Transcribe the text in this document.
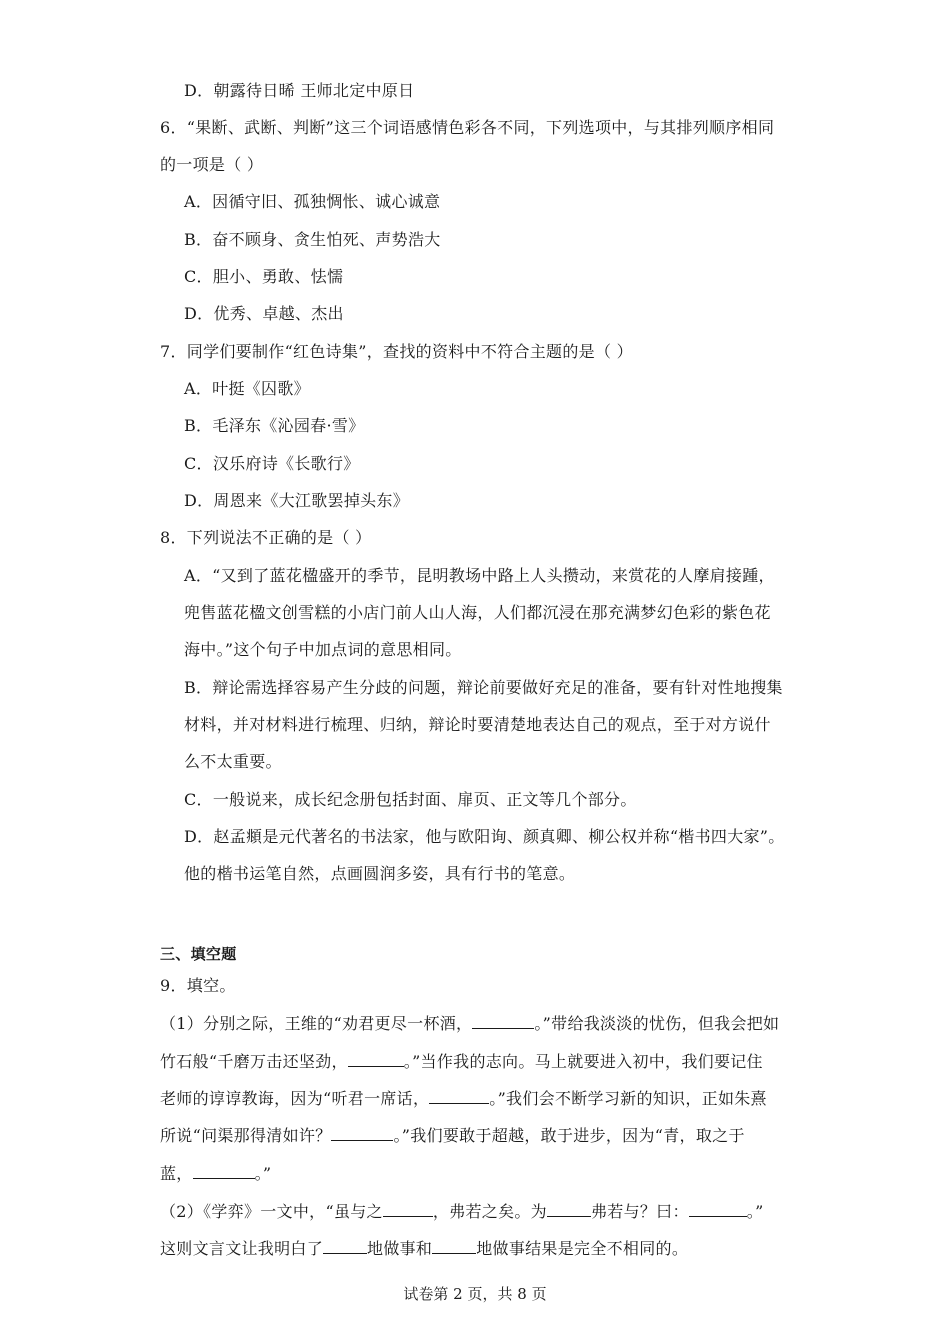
D．朝露待日晞 王师北定中原日
6．“果断、武断、判断”这三个词语感情色彩各不同，下列选项中，与其排列顺序相同
的一项是（ ）
A．因循守旧、孤独惆怅、诚心诚意
B．奋不顾身、贪生怕死、声势浩大
C．胆小、勇敢、怯懦
D．优秀、卓越、杰出
7．同学们要制作“红色诗集”，查找的资料中不符合主题的是（ ）
A．叶挺《囚歌》
B．毛泽东《沁园春·雪》
C．汉乐府诗《长歌行》
D．周恩来《大江歌罢掉头东》
8．下列说法不正确的是（ ）
A．“又到了蓝花楹盛开的季节，昆明教场中路上人头攒动，来赏花的人摩肩接踵，
兜售蓝花楹文创雪糕的小店门前人山人海，人们都沉浸在那充满梦幻色彩的紫色花
海中。”这个句子中加点词的意思相同。
B．辩论需选择容易产生分歧的问题，辩论前要做好充足的准备，要有针对性地搜集
材料，并对材料进行梳理、归纳，辩论时要清楚地表达自己的观点，至于对方说什
么不太重要。
C．一般说来，成长纪念册包括封面、扉页、正文等几个部分。
D．赵孟頫是元代著名的书法家，他与欧阳询、颜真卿、柳公权并称“楷书四大家”。
他的楷书运笔自然，点画圆润多姿，具有行书的笔意。
三、填空题
9．填空。
（1）分别之际，王维的“劝君更尽一杯酒，	。”带给我淡淡的忧伤，但我会把如
竹石般“千磨万击还坚劲，	。”当作我的志向。马上就要进入初中，我们要记住
老师的谆谆教诲，因为“听君一席话，	。”我们会不断学习新的知识，正如朱熹
所说“问渠那得清如许？	。”我们要敢于超越，敢于进步，因为“青，取之于
蓝，	。”
（2）《学弈》一文中，“虽与之	，弗若之矣。为	弗若与？曰：	。”
这则文言文让我明白了	地做事和	地做事结果是完全不相同的。
试卷第 2 页，共 8 页
